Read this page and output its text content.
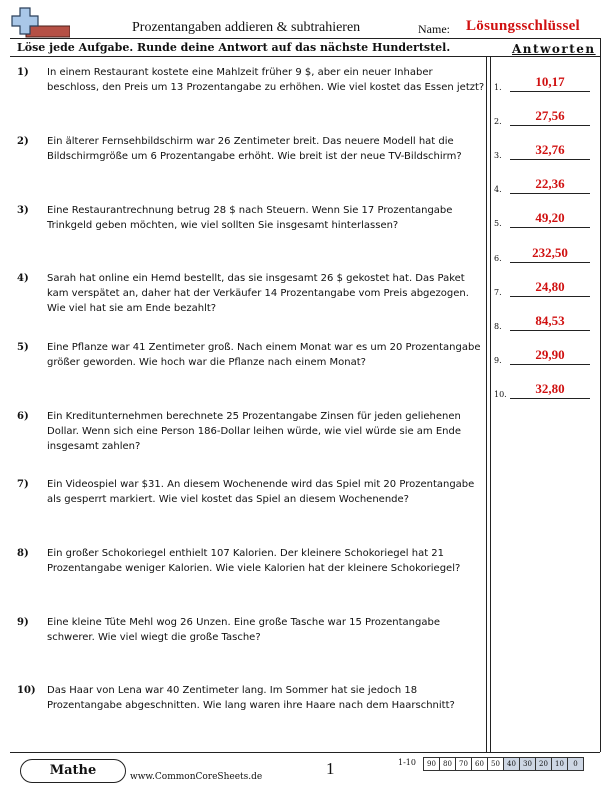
Prozentangaben addieren & subtrahieren	Name: Lösungsschlüssel
Löse jede Aufgabe. Runde deine Antwort auf das nächste Hundertstel.	Antworten
1) In einem Restaurant kostete eine Mahlzeit früher 9 $, aber ein neuer Inhaber beschloss, den Preis um 13 Prozentangabe zu erhöhen. Wie viel kostet das Essen jetzt?
2) Ein älterer Fernsehbildschirm war 26 Zentimeter breit. Das neuere Modell hat die Bildschirmgröße um 6 Prozentangabe erhöht. Wie breit ist der neue TV-Bildschirm?
3) Eine Restaurantrechnung betrug 28 $ nach Steuern. Wenn Sie 17 Prozentangabe Trinkgeld geben möchten, wie viel sollten Sie insgesamt hinterlassen?
4) Sarah hat online ein Hemd bestellt, das sie insgesamt 26 $ gekostet hat. Das Paket kam verspätet an, daher hat der Verkäufer 14 Prozentangabe vom Preis abgezogen. Wie viel hat sie am Ende bezahlt?
5) Eine Pflanze war 41 Zentimeter groß. Nach einem Monat war es um 20 Prozentangabe größer geworden. Wie hoch war die Pflanze nach einem Monat?
6) Ein Kreditunternehmen berechnete 25 Prozentangabe Zinsen für jeden geliehenen Dollar. Wenn sich eine Person 186-Dollar leihen würde, wie viel würde sie am Ende insgesamt zahlen?
7) Ein Videospiel war $31. An diesem Wochenende wird das Spiel mit 20 Prozentangabe als gesperrt markiert. Wie viel kostet das Spiel an diesem Wochenende?
8) Ein großer Schokoriegel enthielt 107 Kalorien. Der kleinere Schokoriegel hat 21 Prozentangabe weniger Kalorien. Wie viele Kalorien hat der kleinere Schokoriegel?
9) Eine kleine Tüte Mehl wog 26 Unzen. Eine große Tasche war 15 Prozentangabe schwerer. Wie viel wiegt die große Tasche?
10) Das Haar von Lena war 40 Zentimeter lang. Im Sommer hat sie jedoch 18 Prozentangabe abgeschnitten. Wie lang waren ihre Haare nach dem Haarschnitt?
1.	10,17
2.	27,56
3.	32,76
4.	22,36
5.	49,20
6.	232,50
7.	24,80
8.	84,53
9.	29,90
10.	32,80
Mathe	www.CommonCoreSheets.de	1	1-10	90	80	70	60	50	40	30	20	10	0
